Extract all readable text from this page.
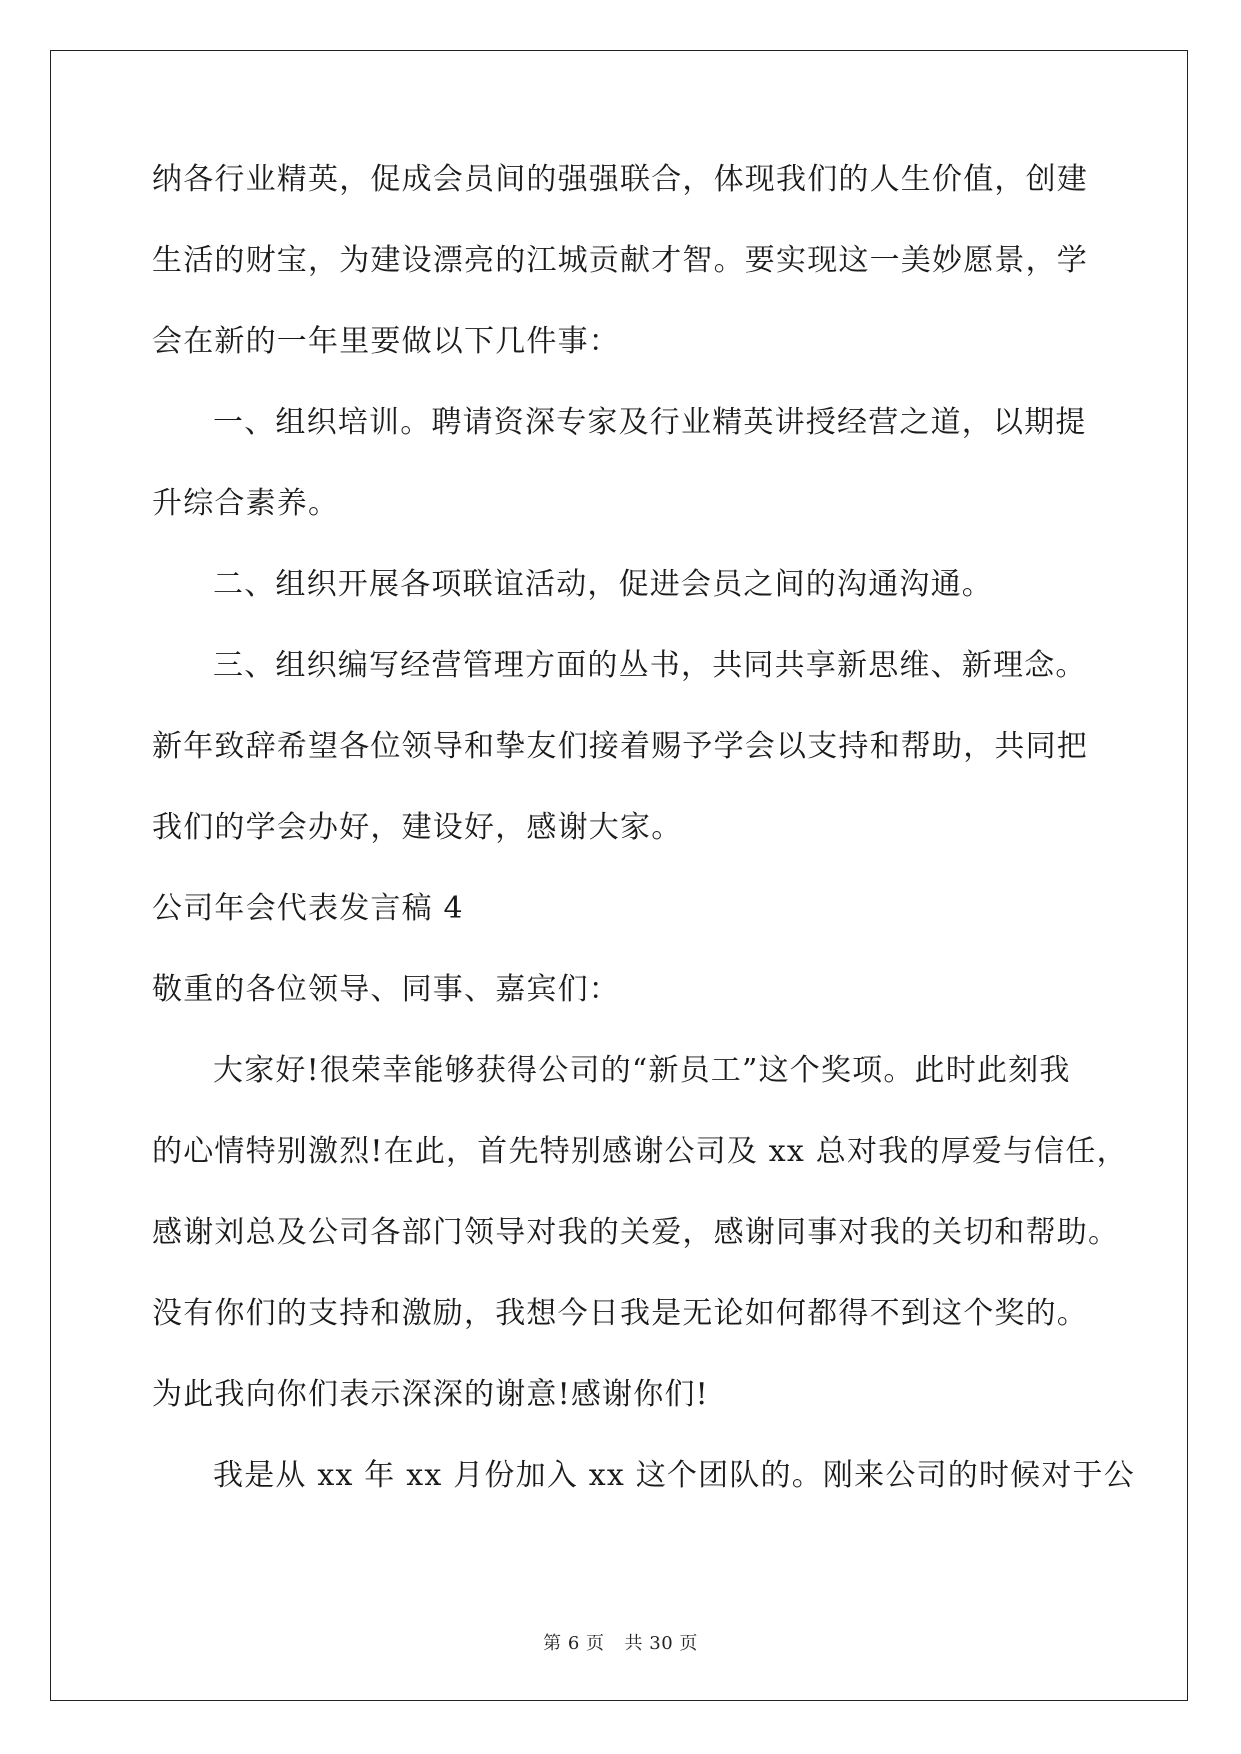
纳各行业精英，促成会员间的强强联合，体现我们的人生价值，创建
生活的财宝，为建设漂亮的江城贡献才智。要实现这一美妙愿景，学
会在新的一年里要做以下几件事：
一、组织培训。聘请资深专家及行业精英讲授经营之道，以期提
升综合素养。
二、组织开展各项联谊活动，促进会员之间的沟通沟通。
三、组织编写经营管理方面的丛书，共同共享新思维、新理念。
新年致辞希望各位领导和挚友们接着赐予学会以支持和帮助，共同把
我们的学会办好，建设好，感谢大家。
公司年会代表发言稿 4
敬重的各位领导、同事、嘉宾们：
大家好!很荣幸能够获得公司的“新员工”这个奖项。此时此刻我
的心情特别激烈!在此，首先特别感谢公司及 xx 总对我的厚爱与信任，
感谢刘总及公司各部门领导对我的关爱，感谢同事对我的关切和帮助。
没有你们的支持和激励，我想今日我是无论如何都得不到这个奖的。
为此我向你们表示深深的谢意!感谢你们!
我是从 xx 年 xx 月份加入 xx 这个团队的。刚来公司的时候对于公
第 6 页 共 30 页
